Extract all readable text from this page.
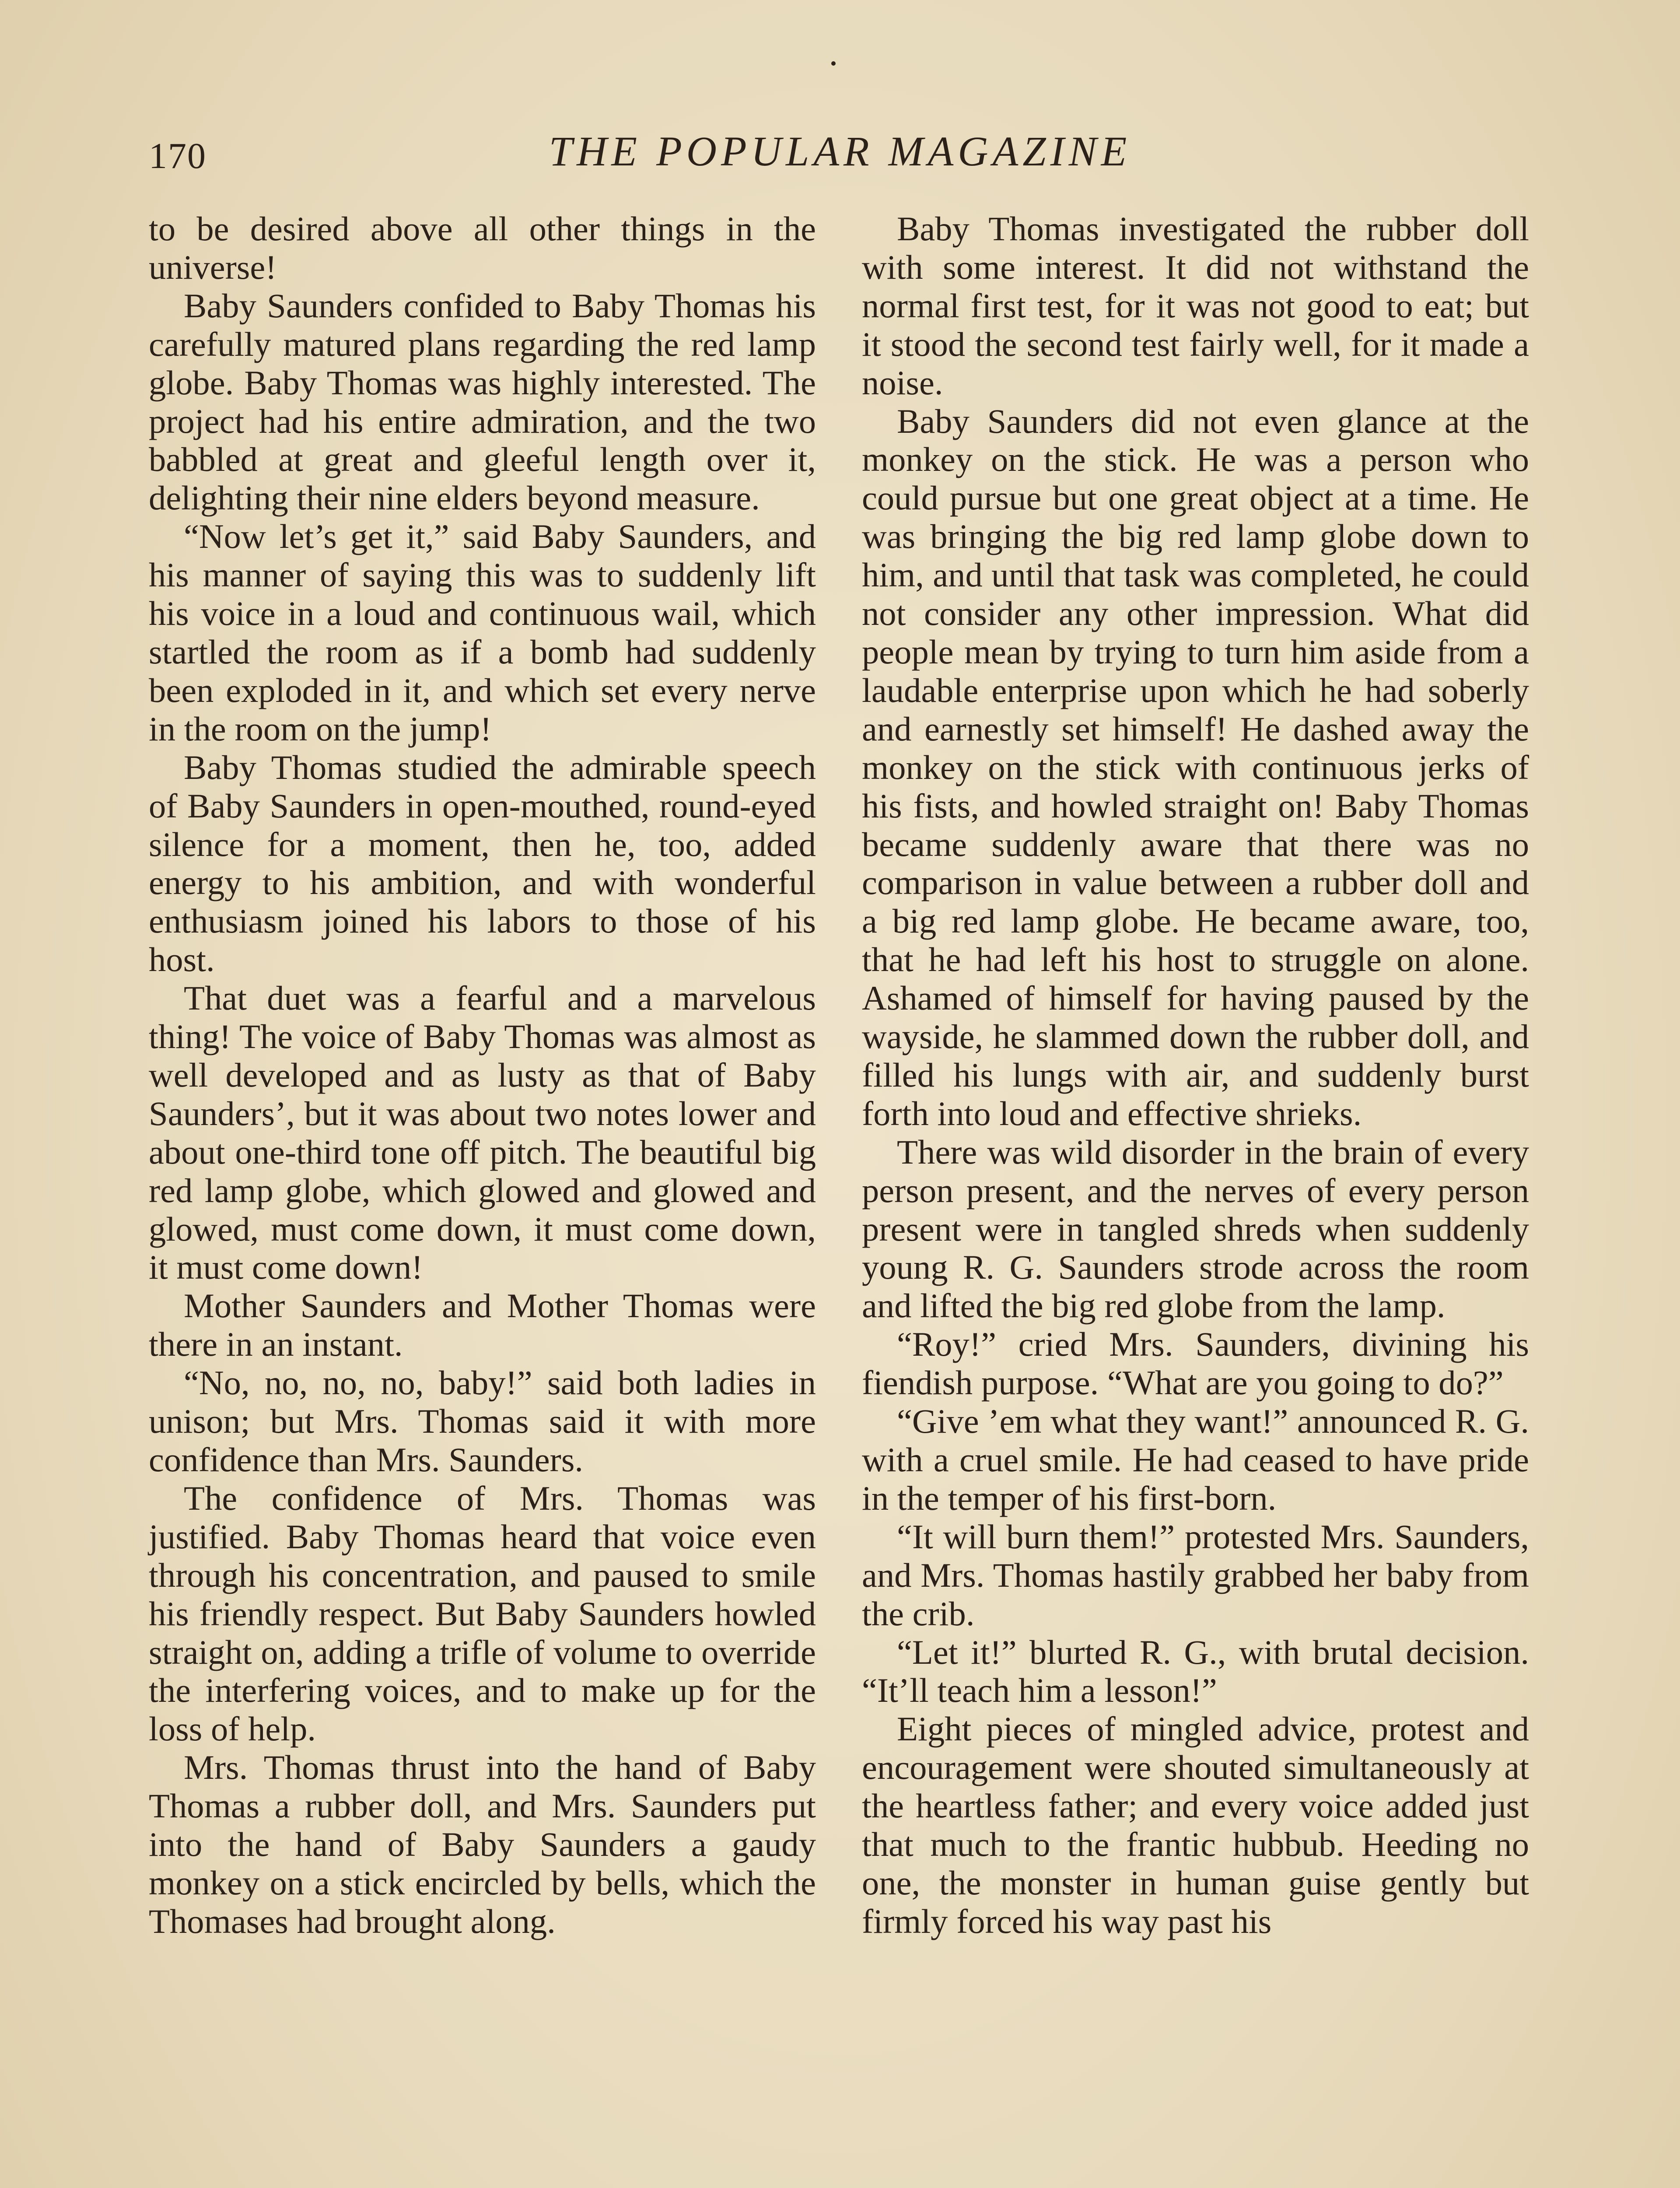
170	THE POPULAR MAGAZINE

to be desired above all other things in the universe!

Baby Saunders confided to Baby Thomas his carefully matured plans regarding the red lamp globe. Baby Thomas was highly interested. The project had his entire admiration, and the two babbled at great and gleeful length over it, delighting their nine elders beyond measure.

“Now let’s get it,” said Baby Saunders, and his manner of saying this was to suddenly lift his voice in a loud and continuous wail, which startled the room as if a bomb had suddenly been exploded in it, and which set every nerve in the room on the jump!

Baby Thomas studied the admirable speech of Baby Saunders in open-mouthed, round-eyed silence for a moment, then he, too, added energy to his ambition, and with wonderful enthusiasm joined his labors to those of his host.

That duet was a fearful and a marvelous thing! The voice of Baby Thomas was almost as well developed and as lusty as that of Baby Saunders’, but it was about two notes lower and about one-third tone off pitch. The beautiful big red lamp globe, which glowed and glowed and glowed, must come down, it must come down, it must come down!

Mother Saunders and Mother Thomas were there in an instant.

“No, no, no, no, baby!” said both ladies in unison; but Mrs. Thomas said it with more confidence than Mrs. Saunders.

The confidence of Mrs. Thomas was justified. Baby Thomas heard that voice even through his concentration, and paused to smile his friendly respect. But Baby Saunders howled straight on, adding a trifle of volume to override the interfering voices, and to make up for the loss of help.

Mrs. Thomas thrust into the hand of Baby Thomas a rubber doll, and Mrs. Saunders put into the hand of Baby Saunders a gaudy monkey on a stick encircled by bells, which the Thomases had brought along.

Baby Thomas investigated the rubber doll with some interest. It did not withstand the normal first test, for it was not good to eat; but it stood the second test fairly well, for it made a noise.

Baby Saunders did not even glance at the monkey on the stick. He was a person who could pursue but one great object at a time. He was bringing the big red lamp globe down to him, and until that task was completed, he could not consider any other impression. What did people mean by trying to turn him aside from a laudable enterprise upon which he had soberly and earnestly set himself! He dashed away the monkey on the stick with continuous jerks of his fists, and howled straight on! Baby Thomas became suddenly aware that there was no comparison in value between a rubber doll and a big red lamp globe. He became aware, too, that he had left his host to struggle on alone. Ashamed of himself for having paused by the wayside, he slammed down the rubber doll, and filled his lungs with air, and suddenly burst forth into loud and effective shrieks.

There was wild disorder in the brain of every person present, and the nerves of every person present were in tangled shreds when suddenly young R. G. Saunders strode across the room and lifted the big red globe from the lamp.

“Roy!” cried Mrs. Saunders, divining his fiendish purpose. “What are you going to do?”

“Give ’em what they want!” announced R. G. with a cruel smile. He had ceased to have pride in the temper of his first-born.

“It will burn them!” protested Mrs. Saunders, and Mrs. Thomas hastily grabbed her baby from the crib.

“Let it!” blurted R. G., with brutal decision. “It’ll teach him a lesson!”

Eight pieces of mingled advice, protest and encouragement were shouted simultaneously at the heartless father; and every voice added just that much to the frantic hubbub. Heeding no one, the monster in human guise gently but firmly forced his way past his
